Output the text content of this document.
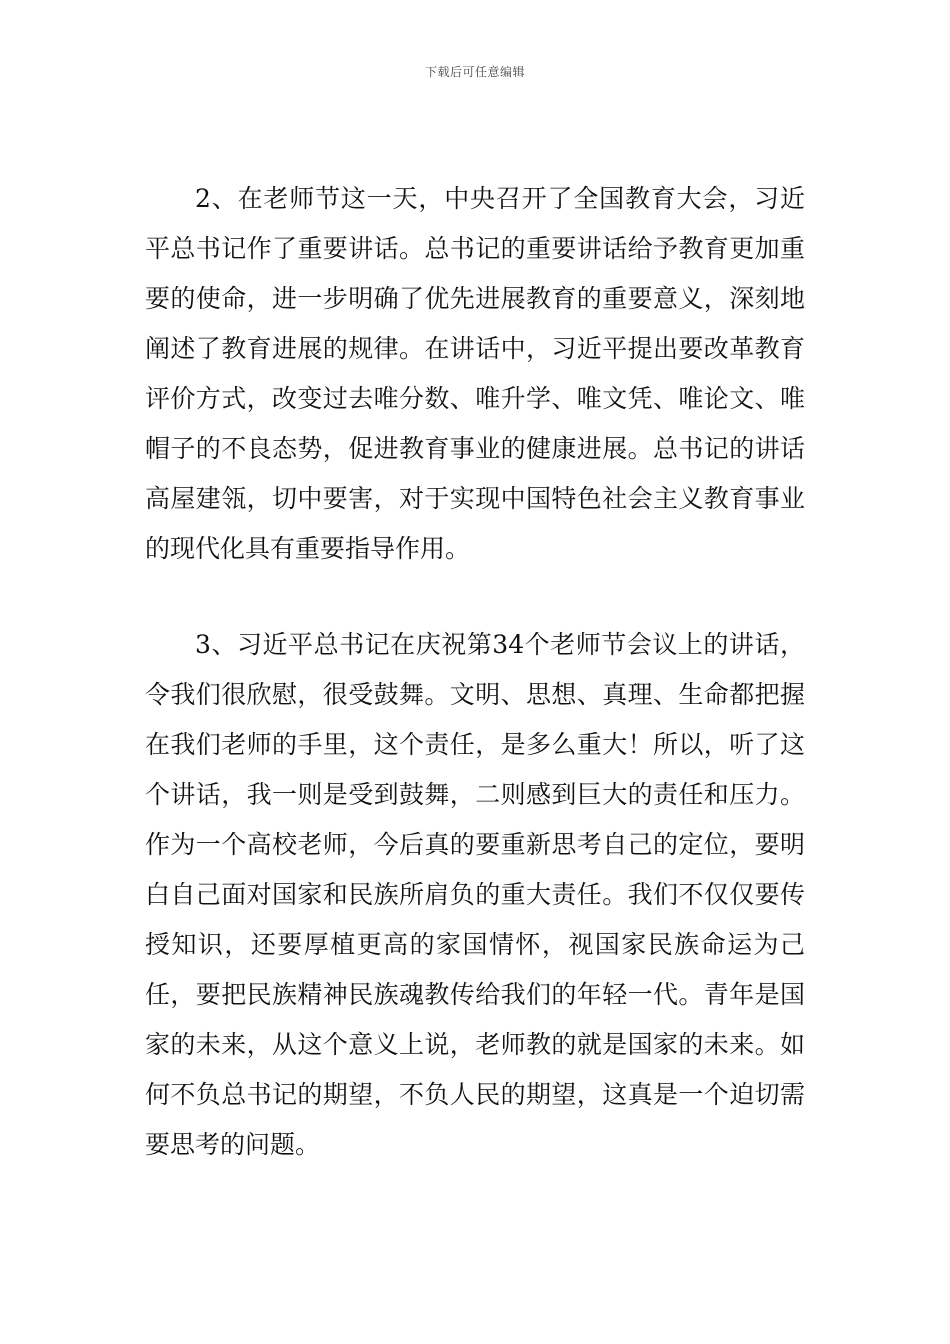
下载后可任意编辑

2、在老师节这一天，中央召开了全国教育大会，习近平总书记作了重要讲话。总书记的重要讲话给予教育更加重要的使命，进一步明确了优先进展教育的重要意义，深刻地阐述了教育进展的规律。在讲话中，习近平提出要改革教育评价方式，改变过去唯分数、唯升学、唯文凭、唯论文、唯帽子的不良态势，促进教育事业的健康进展。总书记的讲话高屋建瓴，切中要害，对于实现中国特色社会主义教育事业的现代化具有重要指导作用。

3、习近平总书记在庆祝第34个老师节会议上的讲话，令我们很欣慰，很受鼓舞。文明、思想、真理、生命都把握在我们老师的手里，这个责任，是多么重大！所以，听了这个讲话，我一则是受到鼓舞，二则感到巨大的责任和压力。作为一个高校老师，今后真的要重新思考自己的定位，要明白自己面对国家和民族所肩负的重大责任。我们不仅仅要传授知识，还要厚植更高的家国情怀，视国家民族命运为己任，要把民族精神民族魂教传给我们的年轻一代。青年是国家的未来，从这个意义上说，老师教的就是国家的未来。如何不负总书记的期望，不负人民的期望，这真是一个迫切需要思考的问题。
